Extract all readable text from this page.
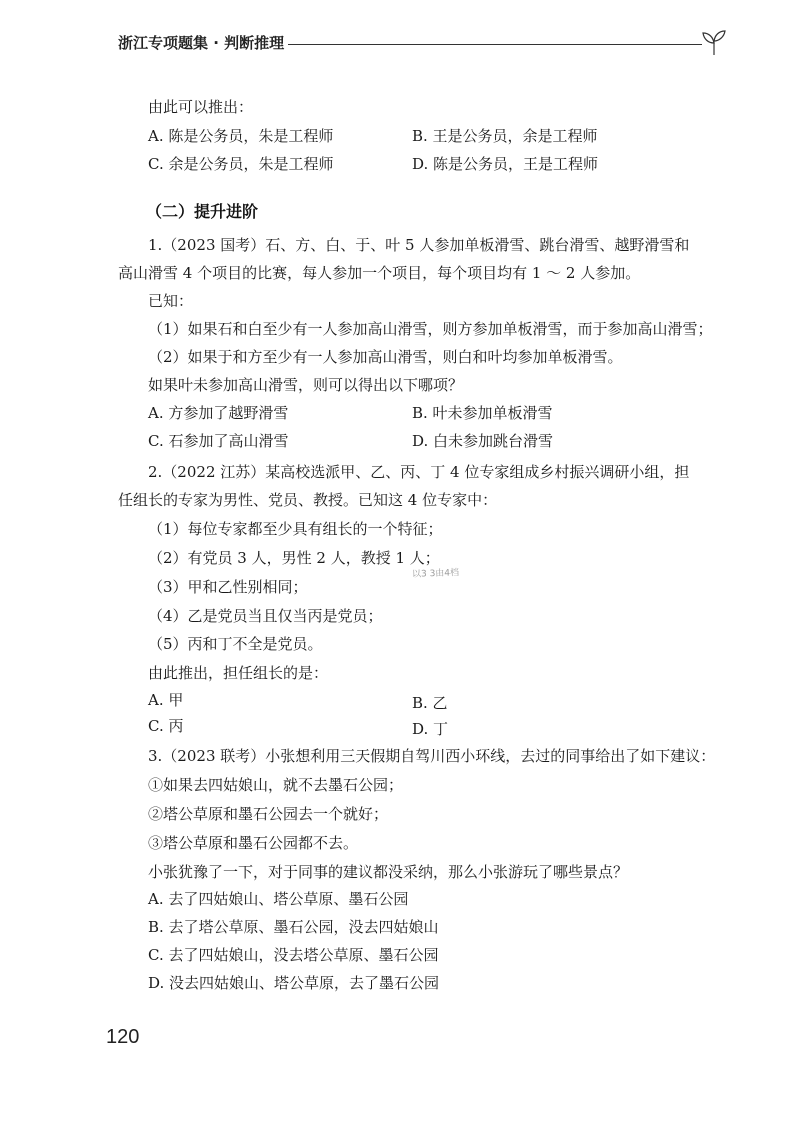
浙江专项题集 · 判断推理
由此可以推出：
A. 陈是公务员，朱是工程师	B. 王是公务员，余是工程师
C. 余是公务员，朱是工程师	D. 陈是公务员，王是工程师
（二）提升进阶
1.（2023 国考）石、方、白、于、叶 5 人参加单板滑雪、跳台滑雪、越野滑雪和
高山滑雪 4 个项目的比赛，每人参加一个项目，每个项目均有 1 ～ 2 人参加。
已知：
（1）如果石和白至少有一人参加高山滑雪，则方参加单板滑雪，而于参加高山滑雪；
（2）如果于和方至少有一人参加高山滑雪，则白和叶均参加单板滑雪。
如果叶未参加高山滑雪，则可以得出以下哪项？
A. 方参加了越野滑雪	B. 叶未参加单板滑雪
C. 石参加了高山滑雪	D. 白未参加跳台滑雪
2.（2022 江苏）某高校选派甲、乙、丙、丁 4 位专家组成乡村振兴调研小组，担
任组长的专家为男性、党员、教授。已知这 4 位专家中：
（1）每位专家都至少具有组长的一个特征；
（2）有党员 3 人，男性 2 人，教授 1 人；
以3 3由4档
（3）甲和乙性别相同；
（4）乙是党员当且仅当丙是党员；
（5）丙和丁不全是党员。
由此推出，担任组长的是：
A. 甲	B. 乙
C. 丙	D. 丁
3.（2023 联考）小张想利用三天假期自驾川西小环线，去过的同事给出了如下建议：
①如果去四姑娘山，就不去墨石公园；
②塔公草原和墨石公园去一个就好；
③塔公草原和墨石公园都不去。
小张犹豫了一下，对于同事的建议都没采纳，那么小张游玩了哪些景点？
A. 去了四姑娘山、塔公草原、墨石公园
B. 去了塔公草原、墨石公园，没去四姑娘山
C. 去了四姑娘山，没去塔公草原、墨石公园
D. 没去四姑娘山、塔公草原，去了墨石公园
120
